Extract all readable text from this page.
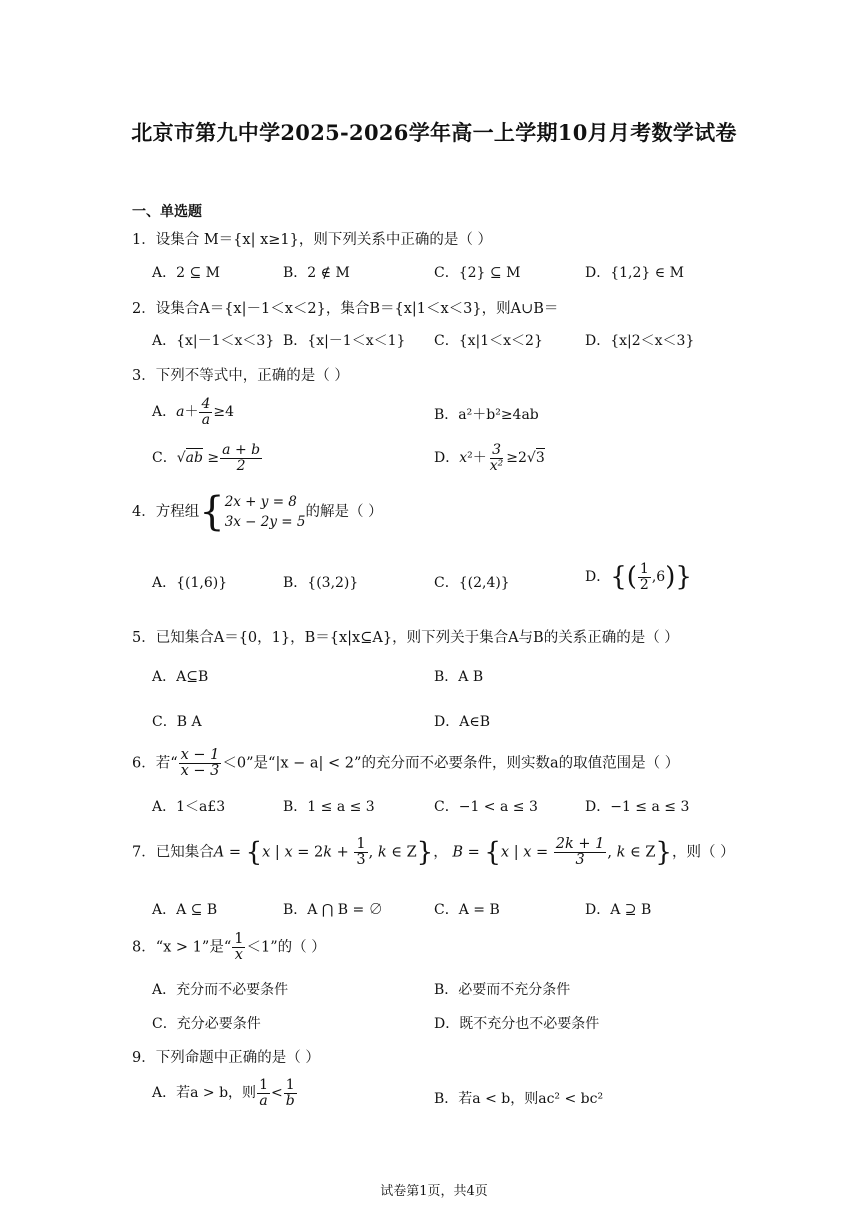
北京市第九中学2025-2026学年高一上学期10月月考数学试卷
一、单选题
1．设集合 M＝{x| x≥1}，则下列关系中正确的是（ ）
A．2 ⊆ M	B．2 ∉ M	C．{2} ⊆ M	D．{1,2} ∈ M
2．设集合A＝{x|－1＜x＜2}，集合B＝{x|1＜x＜3}，则A∪B＝
A．{x|－1＜x＜3} B．{x|－1＜x＜1} C．{x|1＜x＜2}	D．{x|2＜x＜3}
3．下列不等式中，正确的是（ ）
A．$a+ \frac{4}{a} \ge 4$	B．a²＋b²≥4ab
C．$√ab \ge \frac{a + b}{2}$	D．$x^2+ \frac{3}{\text{x²}} \ge 2√3$
4．方程组{ 2x + y = 8
3x − 2y = 5
的解是（ ）
A．{(1,6)}	B．{(3,2)}	C．{(2,4)}	D．{( $\frac{1}{2} ,6$)}
5．已知集合A＝{0，1}，B＝{x|x⊆A}，则下列关于集合A与B的关系正确的是（ ）
A．A⊆B	B．A B
C．B A	D．A∈B
6．若“ $\frac{x - 1}{x - 3} <0$”是“|x − a| < 2”的充分而不必要条件，则实数a的取值范围是（ ）
A．1＜a£3	B．1 ≤ a ≤ 3	C．−1 < a ≤ 3	D．−1 ≤ a ≤ 3
7．已知集合A = {x | $x = 2k + \frac{1}{3}$ , k ∈ Z}， B = {x | $x = \frac{2k + 1}{3}$ , k ∈ Z}，则（ ）
A．A ⊆ B	B．A ⋂ B = ∅	C．A = B	D．A ⊇ B
8．“x > 1”是“ $\frac{1}{x} <1$”的（ ）
A．充分而不必要条件	B．必要而不充分条件
C．充分必要条件	D．既不充分也不必要条件
9．下列命题中正确的是（ ）
A．若a > b，则 $\frac{1}{a} < \frac{1}{b}$	B．若a < b，则ac² < bc²
试卷第1页，共4页
